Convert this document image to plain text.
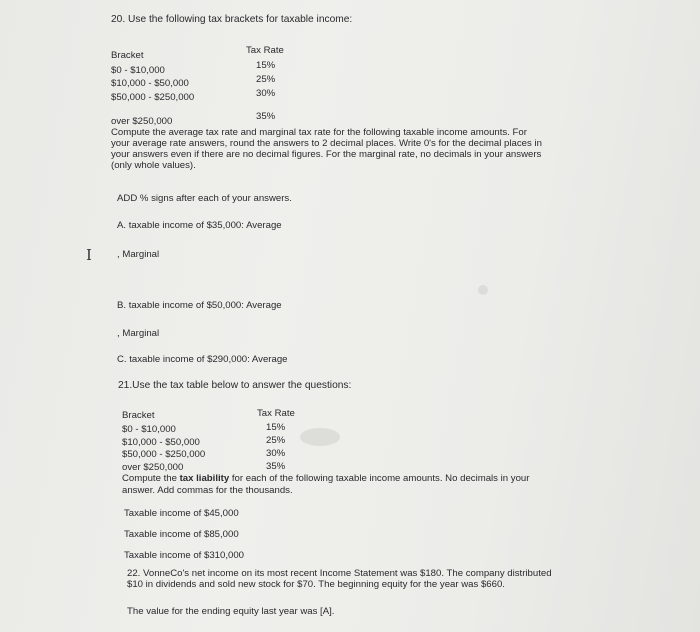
20. Use the following tax brackets for taxable income:
Bracket	Tax Rate
$0 - $10,000	15%
$10,000 - $50,000	25%
$50,000 - $250,000	30%
over $250,000	35%
Compute the average tax rate and marginal tax rate for the following taxable income amounts. For
your average rate answers, round the answers to 2 decimal places. Write 0's for the decimal places in
your answers even if there are no decimal figures. For the marginal rate, no decimals in your answers
(only whole values).
ADD % signs after each of your answers.
A. taxable income of $35,000: Average
I	, Marginal
B. taxable income of $50,000: Average
, Marginal
C. taxable income of $290,000: Average
21.Use the tax table below to answer the questions:
Bracket	Tax Rate
$0 - $10,000	15%
$10,000 - $50,000	25%
$50,000 - $250,000	30%
over $250,000	35%
Compute the tax liability for each of the following taxable income amounts. No decimals in your
answer. Add commas for the thousands.
Taxable income of $45,000
Taxable income of $85,000
Taxable income of $310,000
22. VonneCo's net income on its most recent Income Statement was $180. The company distributed
$10 in dividends and sold new stock for $70. The beginning equity for the year was $660.
The value for the ending equity last year was [A].
